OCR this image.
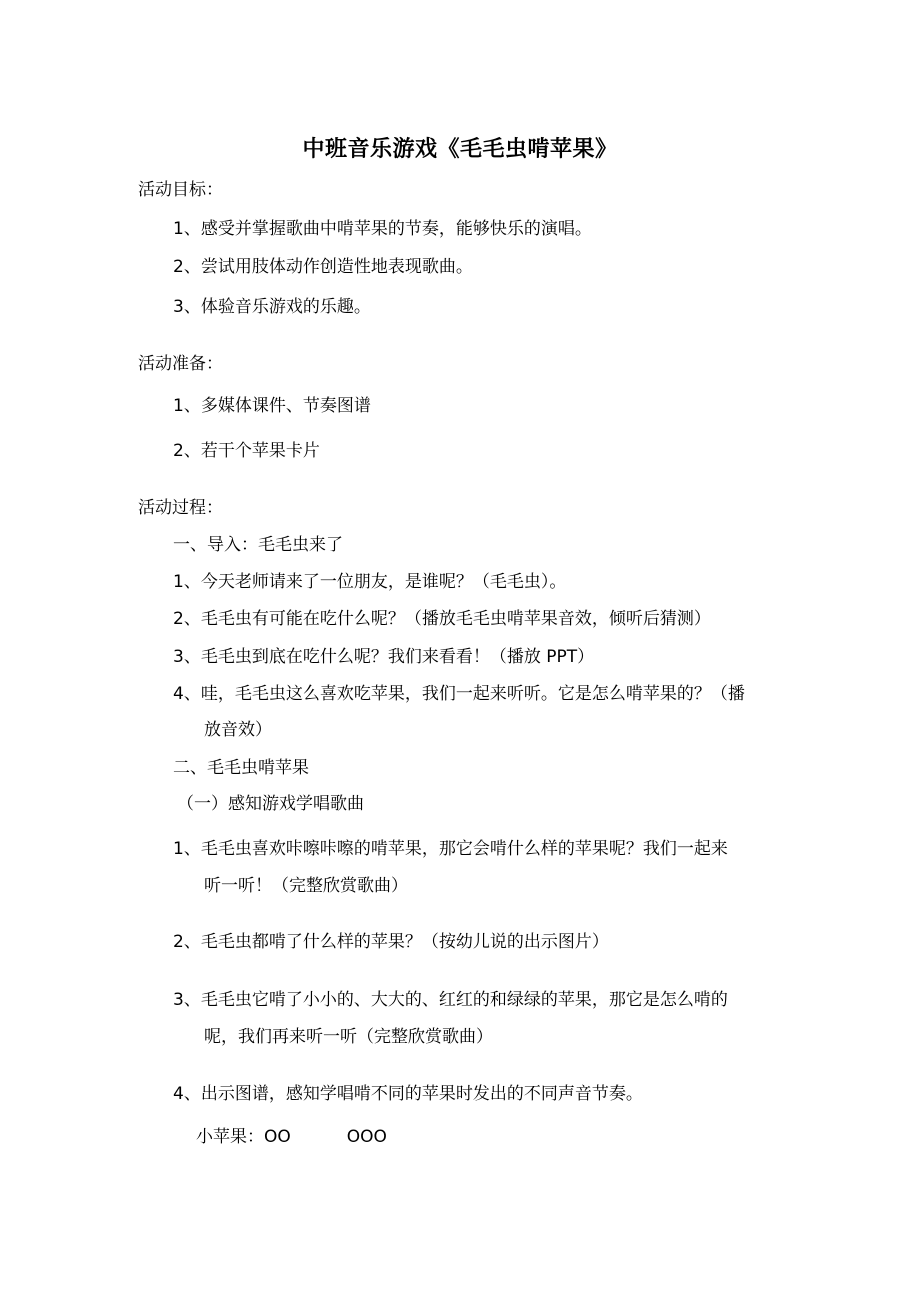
中班音乐游戏《毛毛虫啃苹果》
活动目标：
1、感受并掌握歌曲中啃苹果的节奏，能够快乐的演唱。
2、尝试用肢体动作创造性地表现歌曲。
3、体验音乐游戏的乐趣。
活动准备：
1、多媒体课件、节奏图谱
2、若干个苹果卡片
活动过程：
一、导入：毛毛虫来了
1、今天老师请来了一位朋友，是谁呢？（毛毛虫）。
2、毛毛虫有可能在吃什么呢？（播放毛毛虫啃苹果音效，倾听后猜测）
3、毛毛虫到底在吃什么呢？我们来看看！（播放 PPT）
4、哇，毛毛虫这么喜欢吃苹果，我们一起来听听。它是怎么啃苹果的？（播
放音效）
二、毛毛虫啃苹果
（一）感知游戏学唱歌曲
1、毛毛虫喜欢咔嚓咔嚓的啃苹果，那它会啃什么样的苹果呢？我们一起来
听一听！（完整欣赏歌曲）
2、毛毛虫都啃了什么样的苹果？（按幼儿说的出示图片）
3、毛毛虫它啃了小小的、大大的、红红的和绿绿的苹果，那它是怎么啃的
呢，我们再来听一听（完整欣赏歌曲）
4、出示图谱，感知学唱啃不同的苹果时发出的不同声音节奏。
小苹果：OO	OOO
